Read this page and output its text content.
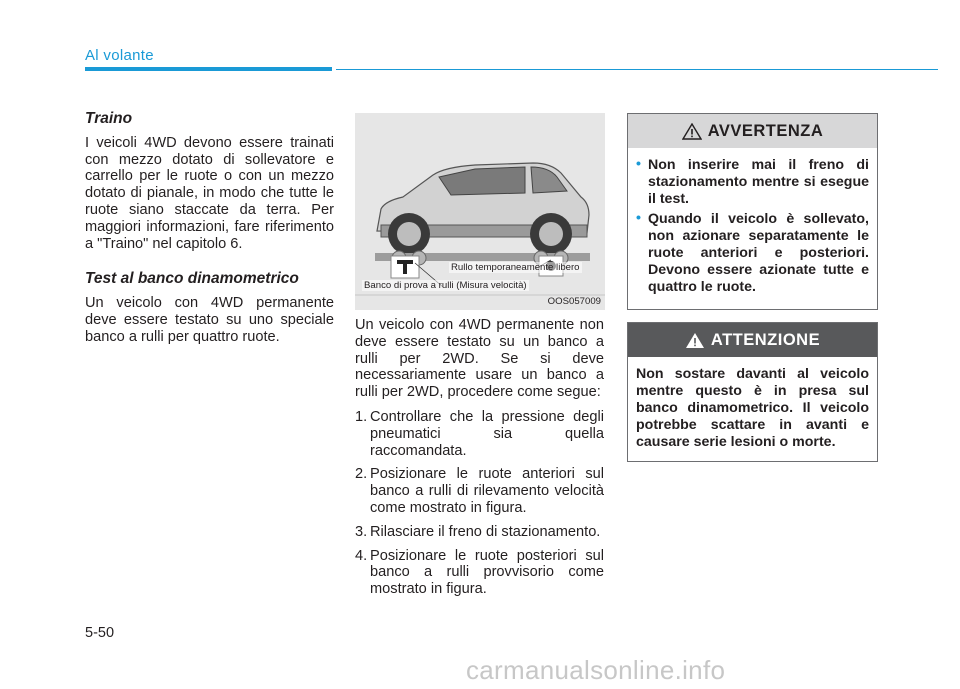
Al volante

Traino

I veicoli 4WD devono essere trainati con mezzo dotato di sollevatore e carrello per le ruote o con un mezzo dotato di pianale, in modo che tutte le ruote siano staccate da terra. Per maggiori informazioni, fare riferimento a "Traino" nel capitolo 6.

Test al banco dinamometrico

Un veicolo con 4WD permanente deve essere testato su uno speciale banco a rulli per quattro ruote.

Rullo temporaneamente libero
Banco di prova a rulli (Misura velocità)
OOS057009

Un veicolo con 4WD permanente non deve essere testato su un banco a rulli per 2WD. Se si deve necessariamente usare un banco a rulli per 2WD, procedere come segue:

1. Controllare che la pressione degli pneumatici sia quella raccomandata.
2. Posizionare le ruote anteriori sul banco a rulli di rilevamento velocità come mostrato in figura.
3. Rilasciare il freno di stazionamento.
4. Posizionare le ruote posteriori sul banco a rulli provvisorio come mostrato in figura.
AVVERTENZA
• Non inserire mai il freno di stazionamento mentre si esegue il test.
• Quando il veicolo è sollevato, non azionare separatamente le ruote anteriori e posteriori. Devono essere azionate tutte e quattro le ruote.
ATTENZIONE
Non sostare davanti al veicolo mentre questo è in presa sul banco dinamometrico. Il veicolo potrebbe scattare in avanti e causare serie lesioni o morte.
5-50
carmanualsonline.info
